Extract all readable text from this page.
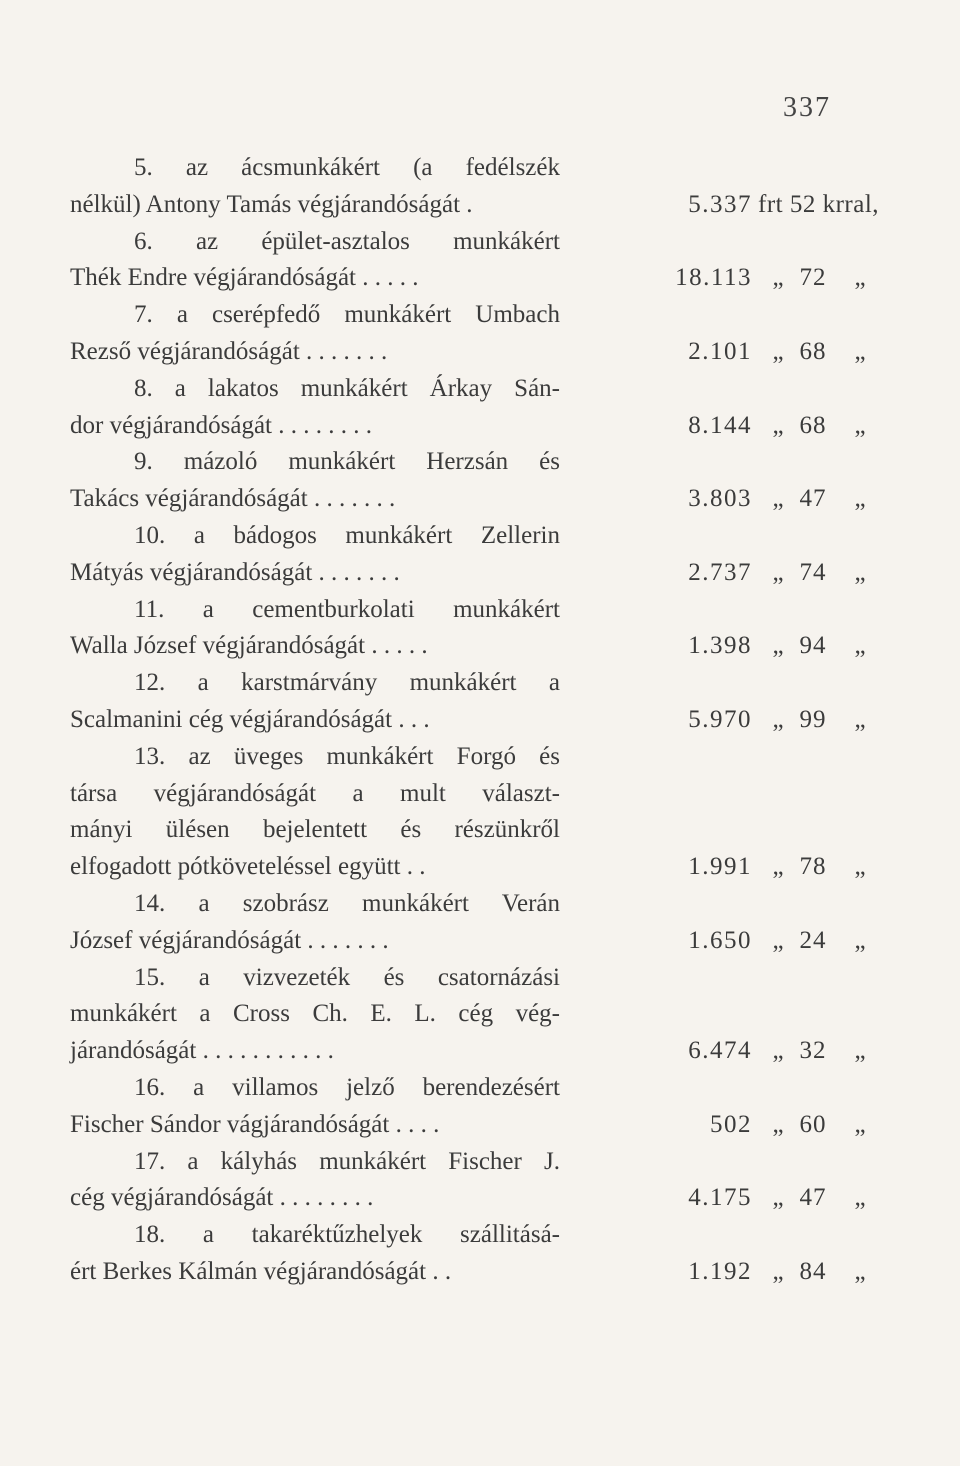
337
5. az ácsmunkákért (a fedélszék
nélkül) Antony Tamás végjárandóságát .	5.337 frt 52 krral,
6. az épület-asztalos munkákért
Thék Endre végjárandóságát . . . . .	18.113 „ 72 „
7. a cserépfedő munkákért Umbach
Rezső végjárandóságát . . . . . . .	2.101 „ 68 „
8. a lakatos munkákért Árkay Sán-
dor végjárandóságát . . . . . . . .	8.144 „ 68 „
9. mázoló munkákért Herzsán és
Takács végjárandóságát . . . . . . .	3.803 „ 47 „
10. a bádogos munkákért Zellerin
Mátyás végjárandóságát . . . . . . .	2.737 „ 74 „
11. a cementburkolati munkákért
Walla József végjárandóságát . . . . .	1.398 „ 94 „
12. a karstmárvány munkákért a
Scalmanini cég végjárandóságát . . .	5.970 „ 99 „
13. az üveges munkákért Forgó és
társa végjárandóságát a mult választ-
mányi ülésen bejelentett és részünkről
elfogadott pótköveteléssel együtt . .	1.991 „ 78 „
14. a szobrász munkákért Verán
József végjárandóságát . . . . . . .	1.650 „ 24 „
15. a vizvezeték és csatornázási
munkákért a Cross Ch. E. L. cég vég-
járandóságát . . . . . . . . . . .	6.474 „ 32 „
16. a villamos jelző berendezésért
Fischer Sándor vágjárandóságát . . . .	502 „ 60 „
17. a kályhás munkákért Fischer J.
cég végjárandóságát . . . . . . . .	4.175 „ 47 „
18. a takaréktűzhelyek szállitásá-
ért Berkes Kálmán végjárandóságát . .	1.192 „ 84 „
